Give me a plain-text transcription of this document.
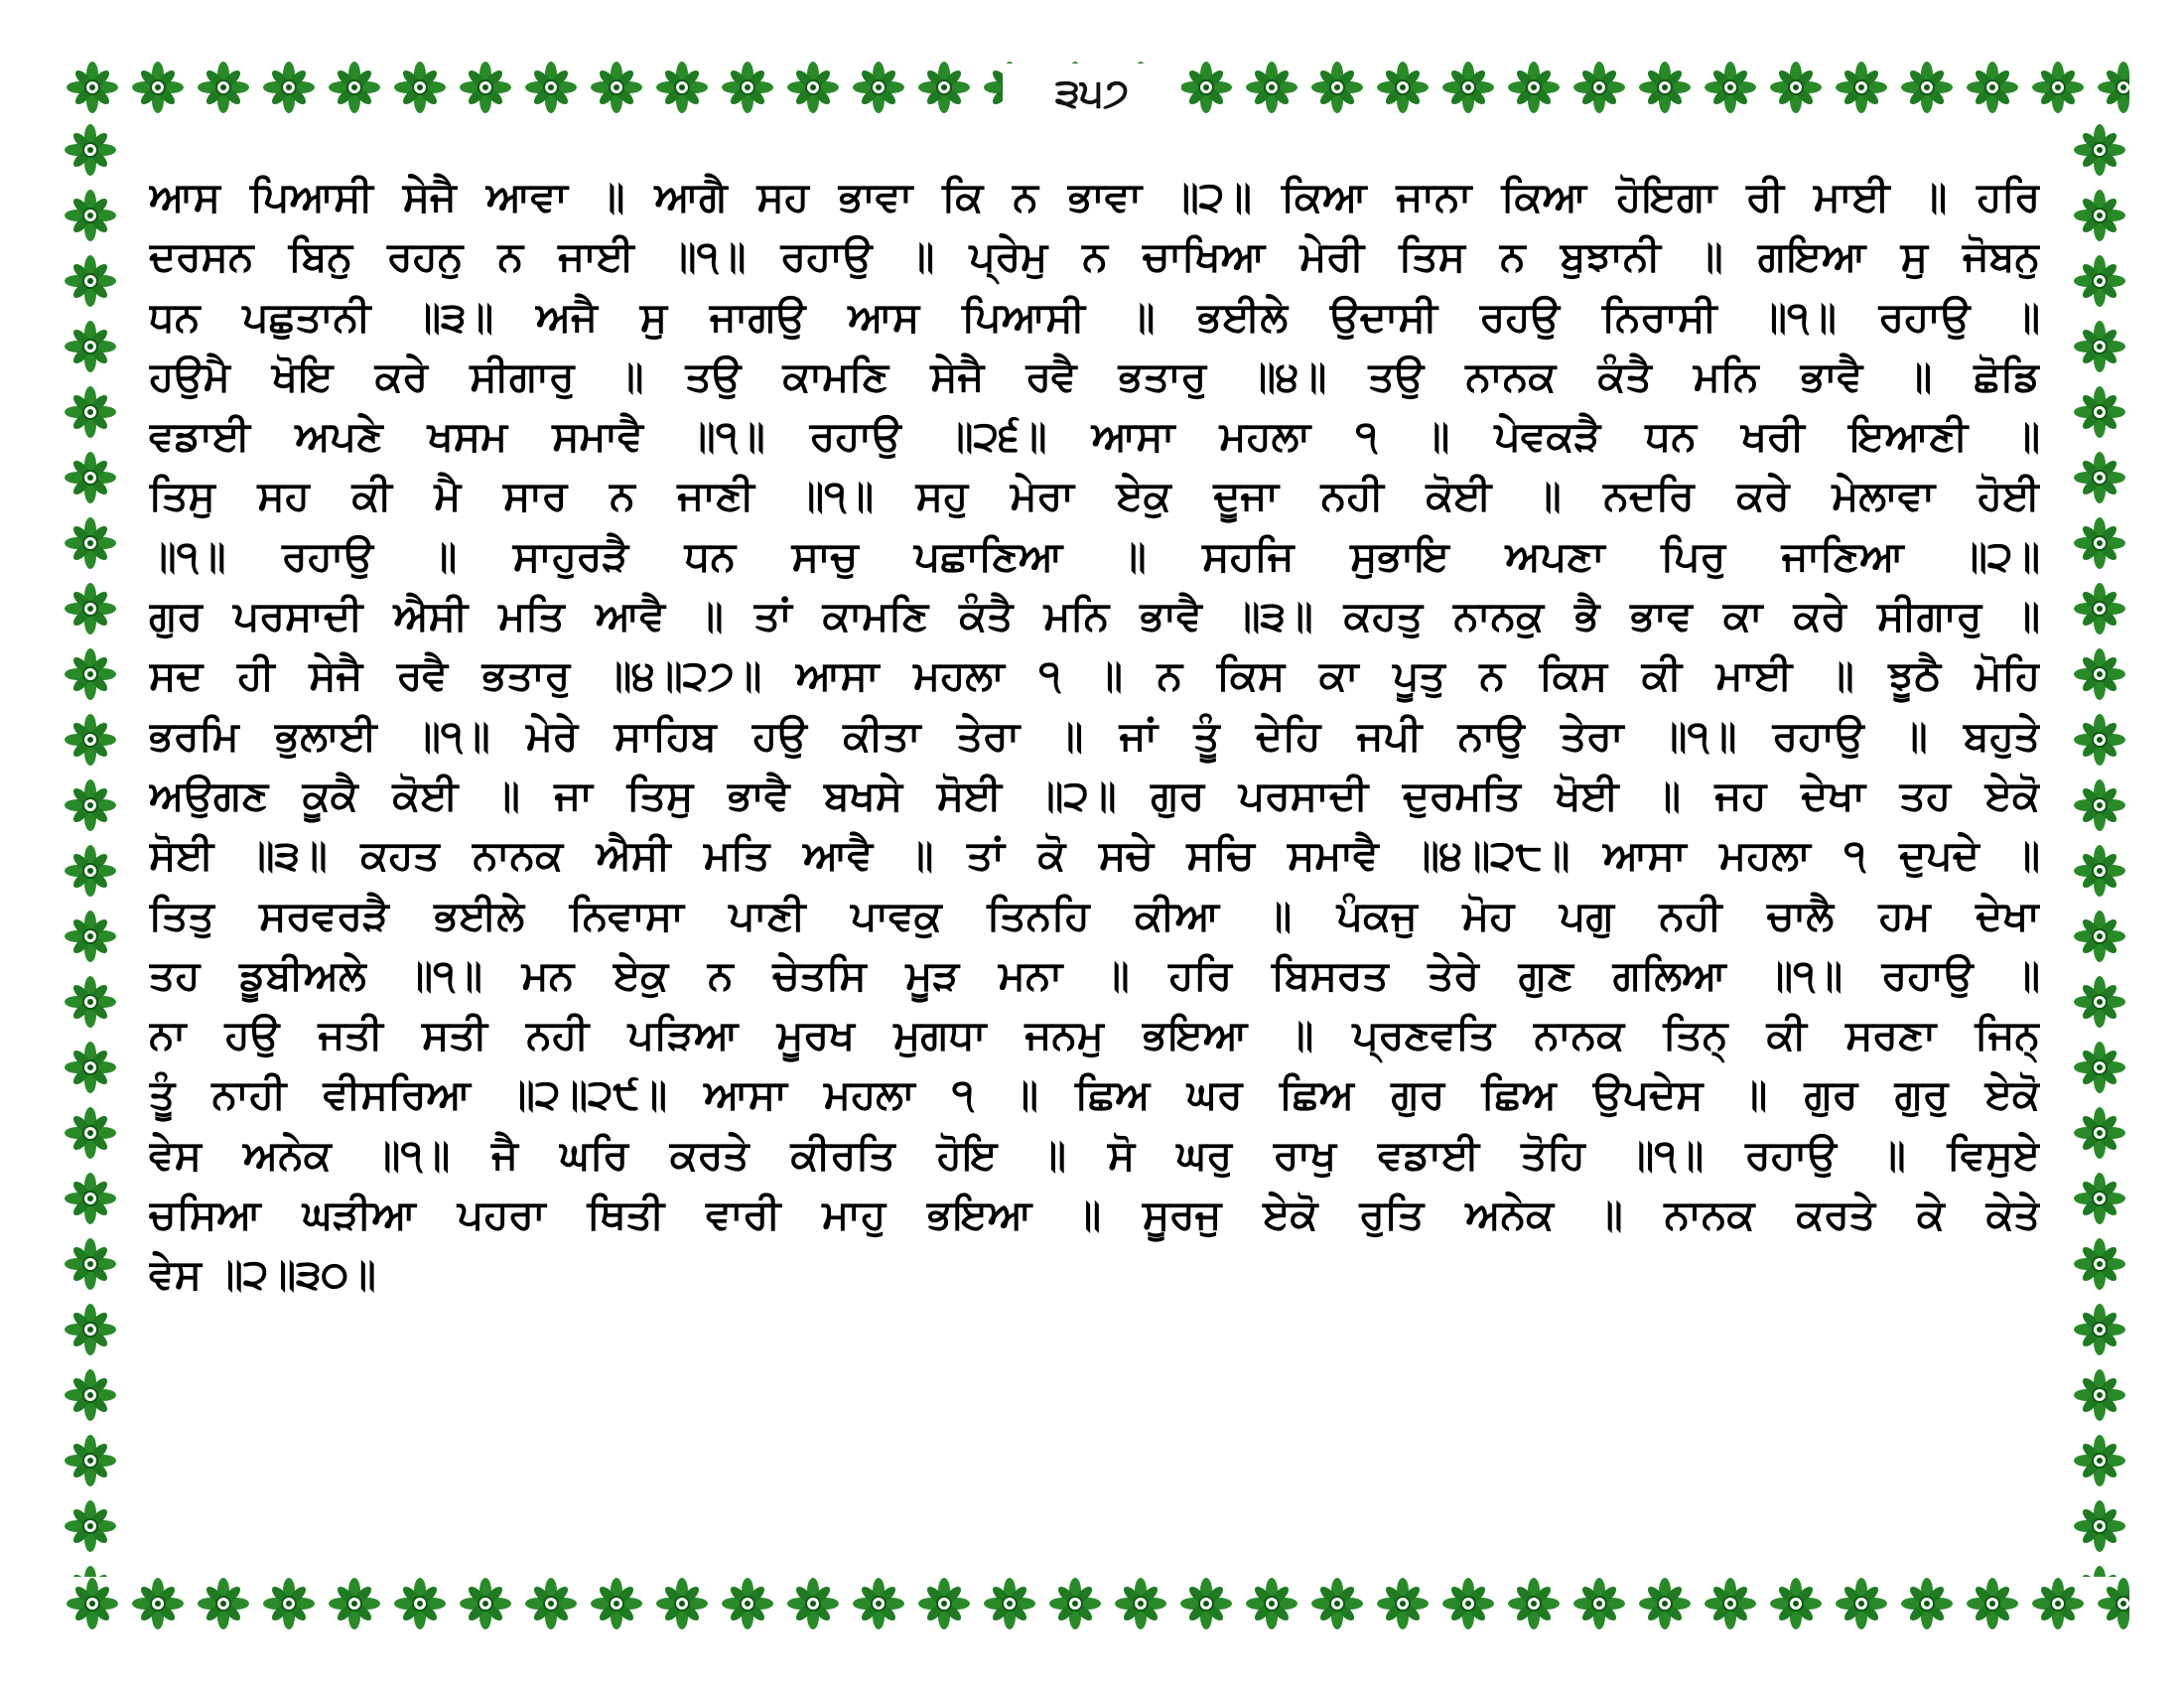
੩੫੭
ਆਸ ਪਿਆਸੀ ਸੇਜੈ ਆਵਾ ॥ ਆਗੈ ਸਹ ਭਾਵਾ ਕਿ ਨ ਭਾਵਾ ॥੨॥ ਕਿਆ ਜਾਨਾ ਕਿਆ ਹੋਇਗਾ ਰੀ ਮਾਈ ॥ ਹਰਿ
ਦਰਸਨ ਬਿਨੁ ਰਹਨੁ ਨ ਜਾਈ ॥੧॥ ਰਹਾਉ ॥ ਪ੍ਰੇਮੁ ਨ ਚਾਖਿਆ ਮੇਰੀ ਤਿਸ ਨ ਬੁਝਾਨੀ ॥ ਗਇਆ ਸੁ ਜੋਬਨੁ
ਧਨ ਪਛੁਤਾਨੀ ॥੩॥ ਅਜੈ ਸੁ ਜਾਗਉ ਆਸ ਪਿਆਸੀ ॥ ਭਈਲੇ ਉਦਾਸੀ ਰਹਉ ਨਿਰਾਸੀ ॥੧॥ ਰਹਾਉ ॥
ਹਉਮੈ ਖੋਇ ਕਰੇ ਸੀਗਾਰੁ ॥ ਤਉ ਕਾਮਣਿ ਸੇਜੈ ਰਵੈ ਭਤਾਰੁ ॥੪॥ ਤਉ ਨਾਨਕ ਕੰਤੈ ਮਨਿ ਭਾਵੈ ॥ ਛੋਡਿ
ਵਡਾਈ ਅਪਣੇ ਖਸਮ ਸਮਾਵੈ ॥੧॥ ਰਹਾਉ ॥੨੬॥ ਆਸਾ ਮਹਲਾ ੧ ॥ ਪੇਵਕੜੈ ਧਨ ਖਰੀ ਇਆਣੀ ॥
ਤਿਸੁ ਸਹ ਕੀ ਮੈ ਸਾਰ ਨ ਜਾਣੀ ॥੧॥ ਸਹੁ ਮੇਰਾ ਏਕੁ ਦੂਜਾ ਨਹੀ ਕੋਈ ॥ ਨਦਰਿ ਕਰੇ ਮੇਲਾਵਾ ਹੋਈ
॥੧॥ ਰਹਾਉ ॥ ਸਾਹੁਰੜੈ ਧਨ ਸਾਚੁ ਪਛਾਣਿਆ ॥ ਸਹਜਿ ਸੁਭਾਇ ਅਪਣਾ ਪਿਰੁ ਜਾਣਿਆ ॥੨॥
ਗੁਰ ਪਰਸਾਦੀ ਐਸੀ ਮਤਿ ਆਵੈ ॥ ਤਾਂ ਕਾਮਣਿ ਕੰਤੈ ਮਨਿ ਭਾਵੈ ॥੩॥ ਕਹਤੁ ਨਾਨਕੁ ਭੈ ਭਾਵ ਕਾ ਕਰੇ ਸੀਗਾਰੁ ॥
ਸਦ ਹੀ ਸੇਜੈ ਰਵੈ ਭਤਾਰੁ ॥੪॥੨੭॥ ਆਸਾ ਮਹਲਾ ੧ ॥ ਨ ਕਿਸ ਕਾ ਪੂਤੁ ਨ ਕਿਸ ਕੀ ਮਾਈ ॥ ਝੂਠੈ ਮੋਹਿ
ਭਰਮਿ ਭੁਲਾਈ ॥੧॥ ਮੇਰੇ ਸਾਹਿਬ ਹਉ ਕੀਤਾ ਤੇਰਾ ॥ ਜਾਂ ਤੂੰ ਦੇਹਿ ਜਪੀ ਨਾਉ ਤੇਰਾ ॥੧॥ ਰਹਾਉ ॥ ਬਹੁਤੇ
ਅਉਗਣ ਕੂਕੈ ਕੋਈ ॥ ਜਾ ਤਿਸੁ ਭਾਵੈ ਬਖਸੇ ਸੋਈ ॥੨॥ ਗੁਰ ਪਰਸਾਦੀ ਦੁਰਮਤਿ ਖੋਈ ॥ ਜਹ ਦੇਖਾ ਤਹ ਏਕੋ
ਸੋਈ ॥੩॥ ਕਹਤ ਨਾਨਕ ਐਸੀ ਮਤਿ ਆਵੈ ॥ ਤਾਂ ਕੋ ਸਚੇ ਸਚਿ ਸਮਾਵੈ ॥੪॥੨੮॥ ਆਸਾ ਮਹਲਾ ੧ ਦੁਪਦੇ ॥
ਤਿਤੁ ਸਰਵਰੜੈ ਭਈਲੇ ਨਿਵਾਸਾ ਪਾਣੀ ਪਾਵਕੁ ਤਿਨਹਿ ਕੀਆ ॥ ਪੰਕਜੁ ਮੋਹ ਪਗੁ ਨਹੀ ਚਾਲੈ ਹਮ ਦੇਖਾ
ਤਹ ਡੂਬੀਅਲੇ ॥੧॥ ਮਨ ਏਕੁ ਨ ਚੇਤਸਿ ਮੂੜ ਮਨਾ ॥ ਹਰਿ ਬਿਸਰਤ ਤੇਰੇ ਗੁਣ ਗਲਿਆ ॥੧॥ ਰਹਾਉ ॥
ਨਾ ਹਉ ਜਤੀ ਸਤੀ ਨਹੀ ਪੜਿਆ ਮੂਰਖ ਮੁਗਧਾ ਜਨਮੁ ਭਇਆ ॥ ਪ੍ਰਣਵਤਿ ਨਾਨਕ ਤਿਨ੍ ਕੀ ਸਰਣਾ ਜਿਨ੍
ਤੂੰ ਨਾਹੀ ਵੀਸਰਿਆ ॥੨॥੨੯॥ ਆਸਾ ਮਹਲਾ ੧ ॥ ਛਿਅ ਘਰ ਛਿਅ ਗੁਰ ਛਿਅ ਉਪਦੇਸ ॥ ਗੁਰ ਗੁਰੁ ਏਕੋ
ਵੇਸ ਅਨੇਕ ॥੧॥ ਜੈ ਘਰਿ ਕਰਤੇ ਕੀਰਤਿ ਹੋਇ ॥ ਸੋ ਘਰੁ ਰਾਖੁ ਵਡਾਈ ਤੋਹਿ ॥੧॥ ਰਹਾਉ ॥ ਵਿਸੁਏ
ਚਸਿਆ ਘੜੀਆ ਪਹਰਾ ਥਿਤੀ ਵਾਰੀ ਮਾਹੁ ਭਇਆ ॥ ਸੂਰਜੁ ਏਕੋ ਰੁਤਿ ਅਨੇਕ ॥ ਨਾਨਕ ਕਰਤੇ ਕੇ ਕੇਤੇ
ਵੇਸ ॥੨॥੩੦॥
